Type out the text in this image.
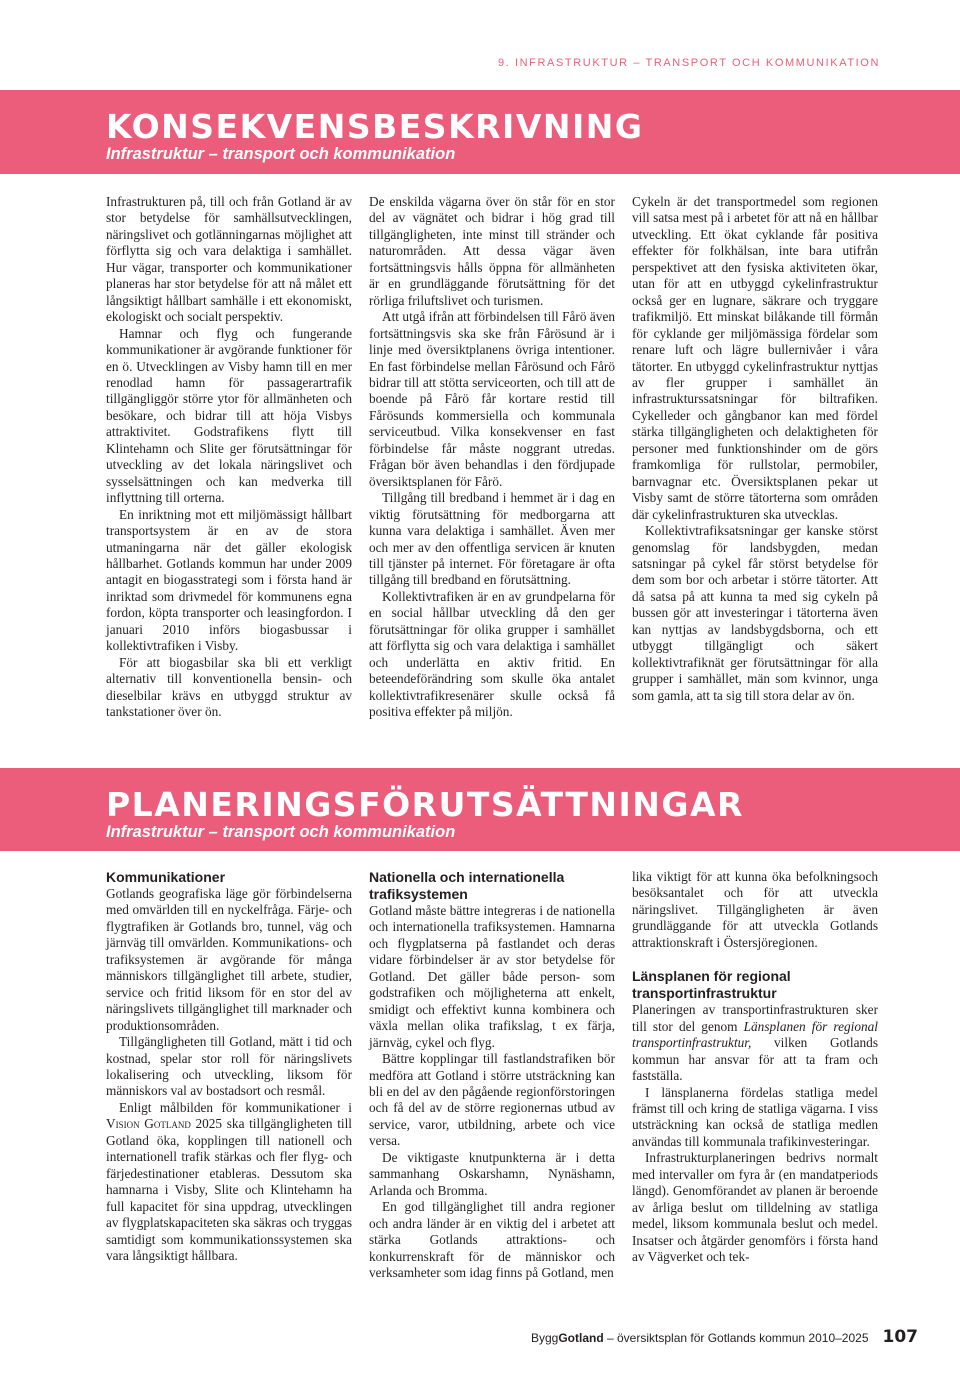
9. INFRASTRUKTUR – TRANSPORT OCH KOMMUNIKATION
KONSEKVENSBESKRIVNING
Infrastruktur – transport och kommunikation

Infrastrukturen på, till och från Gotland är av stor betydelse för samhällsutvecklingen, näringslivet och gotlänningarnas möjlighet att förflytta sig och vara delaktiga i samhället. Hur vägar, transporter och kommunikationer planeras har stor betydelse för att nå målet ett långsiktigt hållbart samhälle i ett ekonomiskt, ekologiskt och socialt perspektiv.

Hamnar och flyg och fungerande kommunikationer är avgörande funktioner för en ö. Utvecklingen av Visby hamn till en mer renodlad hamn för passagerartrafik tillgängliggör större ytor för allmänheten och besökare, och bidrar till att höja Visbys attraktivitet. Godstrafikens flytt till Klintehamn och Slite ger förutsättningar för utveckling av det lokala näringslivet och sysselsättningen och kan medverka till inflyttning till orterna.

En inriktning mot ett miljömässigt hållbart transportsystem är en av de stora utmaningarna när det gäller ekologisk hållbarhet. Gotlands kommun har under 2009 antagit en biogasstrategi som i första hand är inriktad som drivmedel för kommunens egna fordon, köpta transporter och leasingfordon. I januari 2010 införs biogasbussar i kollektivtrafiken i Visby.

För att biogasbilar ska bli ett verkligt alternativ till konventionella bensin- och dieselbilar krävs en utbyggd struktur av tankstationer över ön.

De enskilda vägarna över ön står för en stor del av vägnätet och bidrar i hög grad till tillgängligheten, inte minst till stränder och naturområden. Att dessa vägar även fortsättningsvis hålls öppna för allmänheten är en grundläggande förutsättning för det rörliga friluftslivet och turismen.

Att utgå ifrån att förbindelsen till Fårö även fortsättningsvis ska ske från Fårösund är i linje med översiktplanens övriga intentioner. En fast förbindelse mellan Fårösund och Fårö bidrar till att stötta serviceorten, och till att de boende på Fårö får kortare restid till Fårösunds kommersiella och kommunala serviceutbud. Vilka konsekvenser en fast förbindelse får måste noggrant utredas. Frågan bör även behandlas i den fördjupade översiktsplanen för Fårö.

Tillgång till bredband i hemmet är i dag en viktig förutsättning för medborgarna att kunna vara delaktiga i samhället. Även mer och mer av den offentliga servicen är knuten till tjänster på internet. För företagare är ofta tillgång till bredband en förutsättning.

Kollektivtrafiken är en av grundpelarna för en social hållbar utveckling då den ger förutsättningar för olika grupper i samhället att förflytta sig och vara delaktiga i samhället och underlätta en aktiv fritid. En beteendeförändring som skulle öka antalet kollektivtrafikresenärer skulle också få positiva effekter på miljön.

Cykeln är det transportmedel som regionen vill satsa mest på i arbetet för att nå en hållbar utveckling. Ett ökat cyklande får positiva effekter för folkhälsan, inte bara utifrån perspektivet att den fysiska aktiviteten ökar, utan för att en utbyggd cykelinfrastruktur också ger en lugnare, säkrare och tryggare trafikmiljö. Ett minskat bilåkande till förmån för cyklande ger miljömässiga fördelar som renare luft och lägre bullernivåer i våra tätorter. En utbyggd cykelinfrastruktur nyttjas av fler grupper i samhället än infrastrukturssatsningar för biltrafiken. Cykelleder och gångbanor kan med fördel stärka tillgängligheten och delaktigheten för personer med funktionshinder om de görs framkomliga för rullstolar, permobiler, barnvagnar etc. Översiktsplanen pekar ut Visby samt de större tätorterna som områden där cykelinfrastrukturen ska utvecklas.

Kollektivtrafiksatsningar ger kanske störst genomslag för landsbygden, medan satsningar på cykel får störst betydelse för dem som bor och arbetar i större tätorter. Att då satsa på att kunna ta med sig cykeln på bussen gör att investeringar i tätorterna även kan nyttjas av landsbygdsborna, och ett utbyggt tillgängligt och säkert kollektivtrafiknät ger förutsättningar för alla grupper i samhället, män som kvinnor, unga som gamla, att ta sig till stora delar av ön.

PLANERINGSFÖRUTSÄTTNINGAR
Infrastruktur – transport och kommunikation
Kommunikationer

Gotlands geografiska läge gör förbindelserna med omvärlden till en nyckelfråga. Färje- och flygtrafiken är Gotlands bro, tunnel, väg och järnväg till omvärlden. Kommunikations- och trafiksystemen är avgörande för många människors tillgänglighet till arbete, studier, service och fritid liksom för en stor del av näringslivets tillgänglighet till marknader och produktionsområden.

Tillgängligheten till Gotland, mätt i tid och kostnad, spelar stor roll för näringslivets lokalisering och utveckling, liksom för människors val av bostadsort och resmål.

Enligt målbilden för kommunikationer i Vision Gotland 2025 ska tillgängligheten till Gotland öka, kopplingen till nationell och internationell trafik stärkas och fler flyg- och färjedestinationer etableras. Dessutom ska hamnarna i Visby, Slite och Klintehamn ha full kapacitet för sina uppdrag, utvecklingen av flygplatskapaciteten ska säkras och tryggas samtidigt som kommunikationssystemen ska vara långsiktigt hållbara.

Nationella och internationella trafiksystemen

Gotland måste bättre integreras i de nationella och internationella trafiksystemen. Hamnarna och flygplatserna på fastlandet och deras vidare förbindelser är av stor betydelse för Gotland. Det gäller både person- som godstrafiken och möjligheterna att enkelt, smidigt och effektivt kunna kombinera och växla mellan olika trafikslag, t ex färja, järnväg, cykel och flyg.

Bättre kopplingar till fastlandstrafiken bör medföra att Gotland i större utsträckning kan bli en del av den pågående regionförstoringen och få del av de större regionernas utbud av service, varor, utbildning, arbete och vice versa.

De viktigaste knutpunkterna är i detta sammanhang Oskarshamn, Nynäshamn, Arlanda och Bromma.

En god tillgänglighet till andra regioner och andra länder är en viktig del i arbetet att stärka Gotlands attraktions- och konkurrenskraft för de människor och verksamheter som idag finns på Gotland, men

lika viktigt för att kunna öka befolkningsoch besöksantalet och för att utveckla näringslivet. Tillgängligheten är även grundläggande för att utveckla Gotlands attraktionskraft i Östersjöregionen.

Länsplanen för regional transportinfrastruktur

Planeringen av transportinfrastrukturen sker till stor del genom Länsplanen för regional transportinfrastruktur, vilken Gotlands kommun har ansvar för att ta fram och fastställa.

I länsplanerna fördelas statliga medel främst till och kring de statliga vägarna. I viss utsträckning kan också de statliga medlen användas till kommunala trafikinvesteringar.

Infrastrukturplaneringen bedrivs normalt med intervaller om fyra år (en mandatperiods längd). Genomförandet av planen är beroende av årliga beslut om tilldelning av statliga medel, liksom kommunala beslut och medel. Insatser och åtgärder genomförs i första hand av Vägverket och tek-

ByggGotland – översiktsplan för Gotlands kommun 2010–2025 107
